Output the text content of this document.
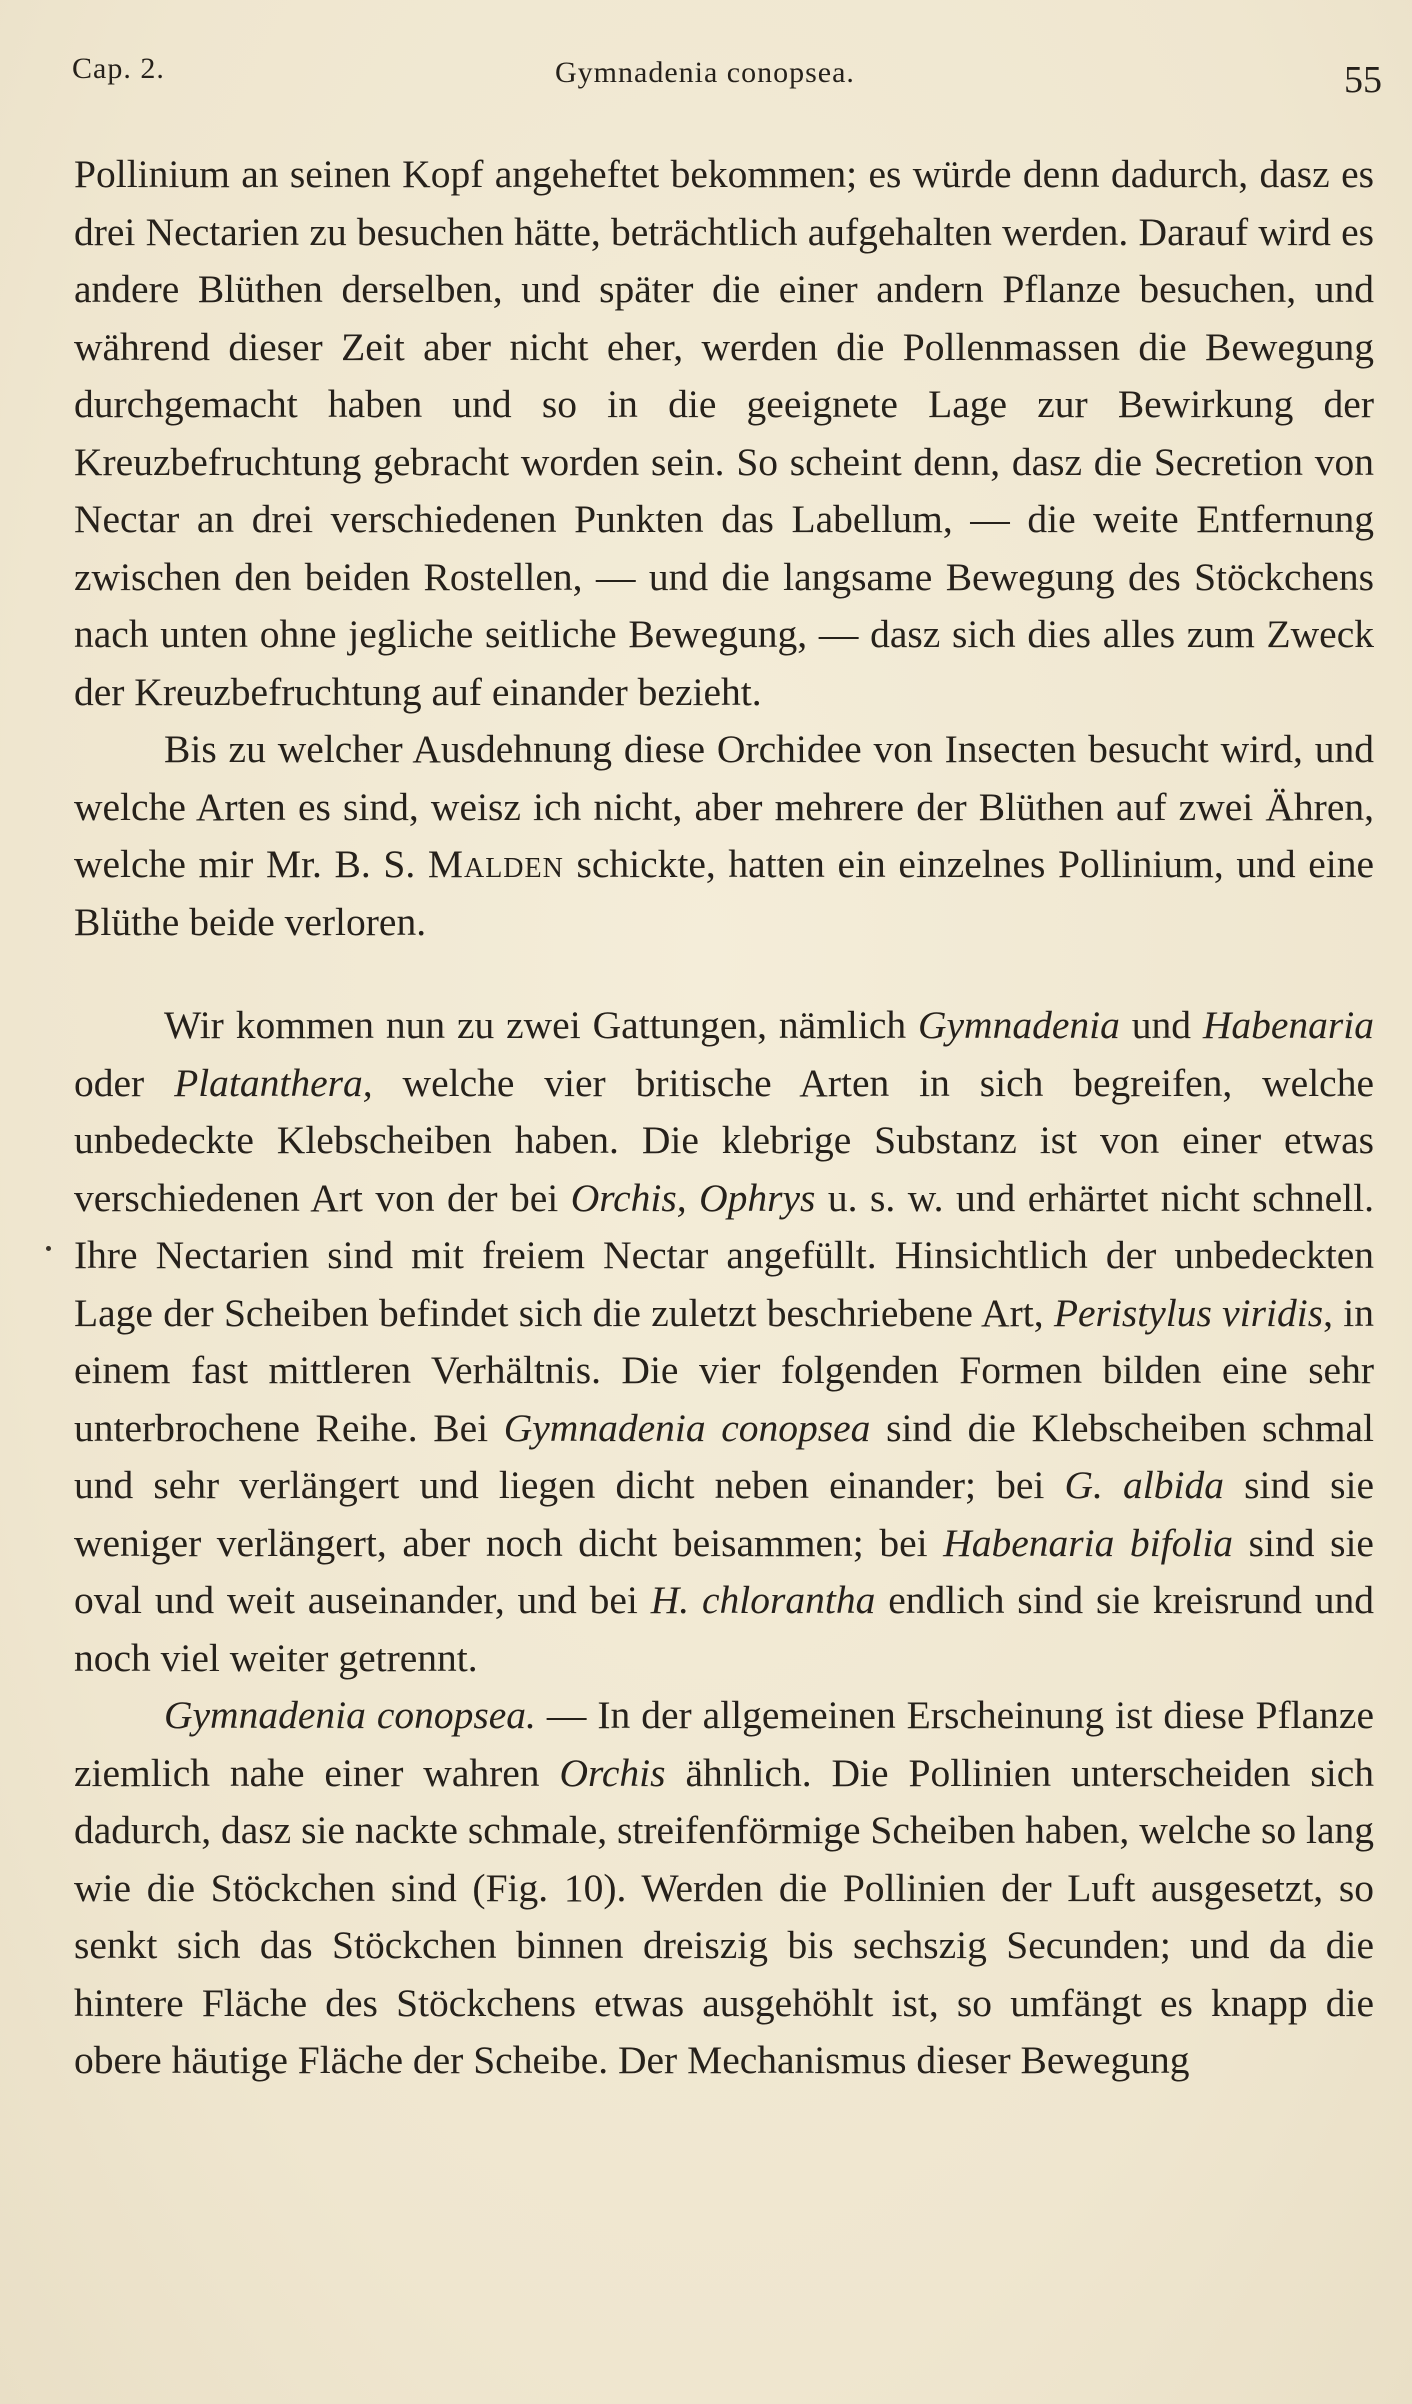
Cap. 2.	Gymnadenia conopsea.	55

Pollinium an seinen Kopf angeheftet bekommen; es würde denn dadurch, dasz es drei Nectarien zu besuchen hätte, beträchtlich aufgehalten werden. Darauf wird es andere Blüthen derselben, und später die einer andern Pflanze besuchen, und während dieser Zeit aber nicht eher, werden die Pollenmassen die Bewegung durchgemacht haben und so in die geeignete Lage zur Bewirkung der Kreuzbefruchtung gebracht worden sein. So scheint denn, dasz die Secretion von Nectar an drei verschiedenen Punkten das Labellum, — die weite Entfernung zwischen den beiden Rostellen, — und die langsame Bewegung des Stöckchens nach unten ohne jegliche seitliche Bewegung, — dasz sich dies alles zum Zweck der Kreuzbefruchtung auf einander bezieht.

Bis zu welcher Ausdehnung diese Orchidee von Insecten besucht wird, und welche Arten es sind, weisz ich nicht, aber mehrere der Blüthen auf zwei Ähren, welche mir Mr. B. S. Malden schickte, hatten ein einzelnes Pollinium, und eine Blüthe beide verloren.

Wir kommen nun zu zwei Gattungen, nämlich Gymnadenia und Habenaria oder Platanthera, welche vier britische Arten in sich begreifen, welche unbedeckte Klebscheiben haben. Die klebrige Substanz ist von einer etwas verschiedenen Art von der bei Orchis, Ophrys u. s. w. und erhärtet nicht schnell. Ihre Nectarien sind mit freiem Nectar angefüllt. Hinsichtlich der unbedeckten Lage der Scheiben befindet sich die zuletzt beschriebene Art, Peristylus viridis, in einem fast mittleren Verhältnis. Die vier folgenden Formen bilden eine sehr unterbrochene Reihe. Bei Gymnadenia conopsea sind die Klebscheiben schmal und sehr verlängert und liegen dicht neben einander; bei G. albida sind sie weniger verlängert, aber noch dicht beisammen; bei Habenaria bifolia sind sie oval und weit auseinander, und bei H. chlorantha endlich sind sie kreisrund und noch viel weiter getrennt.

Gymnadenia conopsea. — In der allgemeinen Erscheinung ist diese Pflanze ziemlich nahe einer wahren Orchis ähnlich. Die Pollinien unterscheiden sich dadurch, dasz sie nackte schmale, streifenförmige Scheiben haben, welche so lang wie die Stöckchen sind (Fig. 10). Werden die Pollinien der Luft ausgesetzt, so senkt sich das Stöckchen binnen dreiszig bis sechszig Secunden; und da die hintere Fläche des Stöckchens etwas ausgehöhlt ist, so umfängt es knapp die obere häutige Fläche der Scheibe. Der Mechanismus dieser Bewegung
